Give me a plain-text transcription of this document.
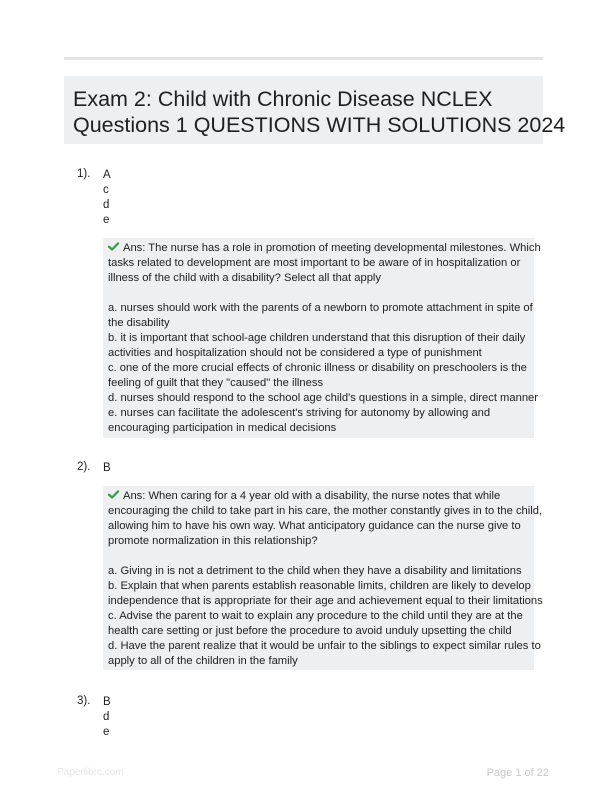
Exam 2: Child with Chronic Disease NCLEX
Questions 1 QUESTIONS WITH SOLUTIONS 2024
1). A
c
d
e
Ans: The nurse has a role in promotion of meeting developmental milestones. Which
tasks related to development are most important to be aware of in hospitalization or
illness of the child with a disability? Select all that apply
a. nurses should work with the parents of a newborn to promote attachment in spite of
the disability
b. it is important that school-age children understand that this disruption of their daily
activities and hospitalization should not be considered a type of punishment
c. one of the more crucial effects of chronic illness or disability on preschoolers is the
feeling of guilt that they "caused" the illness
d. nurses should respond to the school age child's questions in a simple, direct manner
e. nurses can facilitate the adolescent's striving for autonomy by allowing and
encouraging participation in medical decisions
2). B
Ans: When caring for a 4 year old with a disability, the nurse notes that while
encouraging the child to take part in his care, the mother constantly gives in to the child,
allowing him to have his own way. What anticipatory guidance can the nurse give to
promote normalization in this relationship?
a. Giving in is not a detriment to the child when they have a disability and limitations
b. Explain that when parents establish reasonable limits, children are likely to develop
independence that is appropriate for their age and achievement equal to their limitations
c. Advise the parent to wait to explain any procedure to the child until they are at the
health care setting or just before the procedure to avoid unduly upsetting the child
d. Have the parent realize that it would be unfair to the siblings to expect similar rules to
apply to all of the children in the family
3). B
d
e
Paperlibrc.com	Page 1 of 22
